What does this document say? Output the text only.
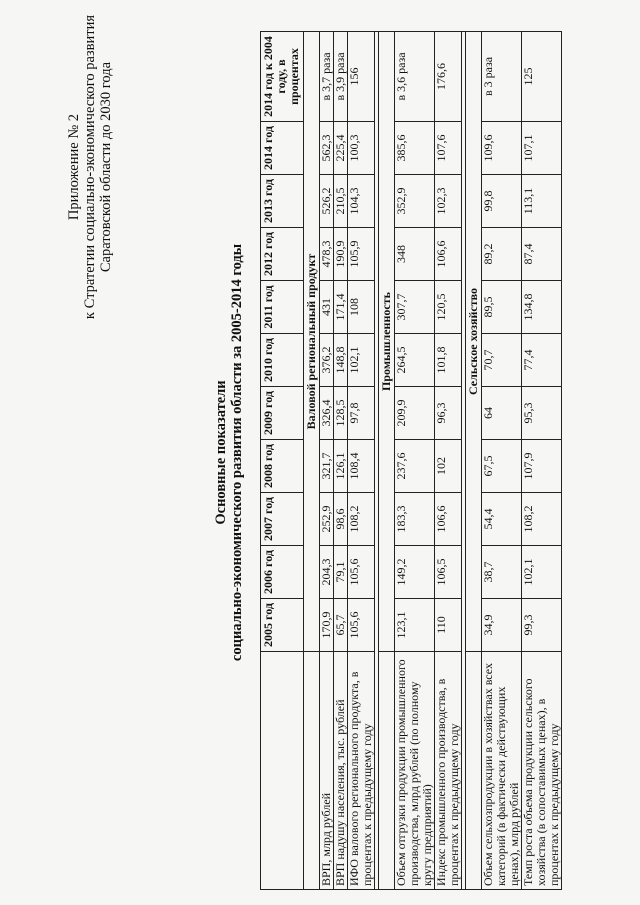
Приложение № 2 к Стратегии социально-экономического развития Саратовской области до 2030 года
Основные показатели социально-экономического развития области за 2005-2014 годы
	2005 год	2006 год	2007 год	2008 год	2009 год	2010 год	2011 год	2012 год	2013 год	2014 год	2014 год к 2004 году, в процентах
	Валовой региональный продукт										
ВРП, млрд рублей	170,9	204,3	252,9	321,7	326,4	376,2	431	478,3	526,2	562,3	в 3,7 раза
ВРП надушу населения, тыс. рублей	65,7	79,1	98,6	126,1	128,5	148,8	171,4	190,9	210,5	225,4	в 3,9 раза
ИФО валового регионального продукта, в процентах к предыдущему году	105,6	105,6	108,2	108,4	97,8	102,1	108	105,9	104,3	100,3	156

	Промышленность										
Объем отгрузки продукции промышленного производства, млрд рублей (по полному кругу предприятий)	123,1	149,2	183,3	237,6	209,9	264,5	307,7	348	352,9	385,6	в 3,6 раза
Индекс промышленного производства, в процентах к предыдущему году	110	106,5	106,6	102	96,3	101,8	120,5	106,6	102,3	107,6	176,6

	Сельское хозяйство										
Объем сельхозпродукции в хозяйствах всех категорий (в фактически действующих ценах), млрд рублей	34,9	38,7	54,4	67,5	64	70,7	89,5	89,2	99,8	109,6	в 3 раза
Темп роста объема продукции сельского хозяйства (в сопоставимых ценах), в процентах к предыдущему году	99,3	102,1	108,2	107,9	95,3	77,4	134,8	87,4	113,1	107,1	125
